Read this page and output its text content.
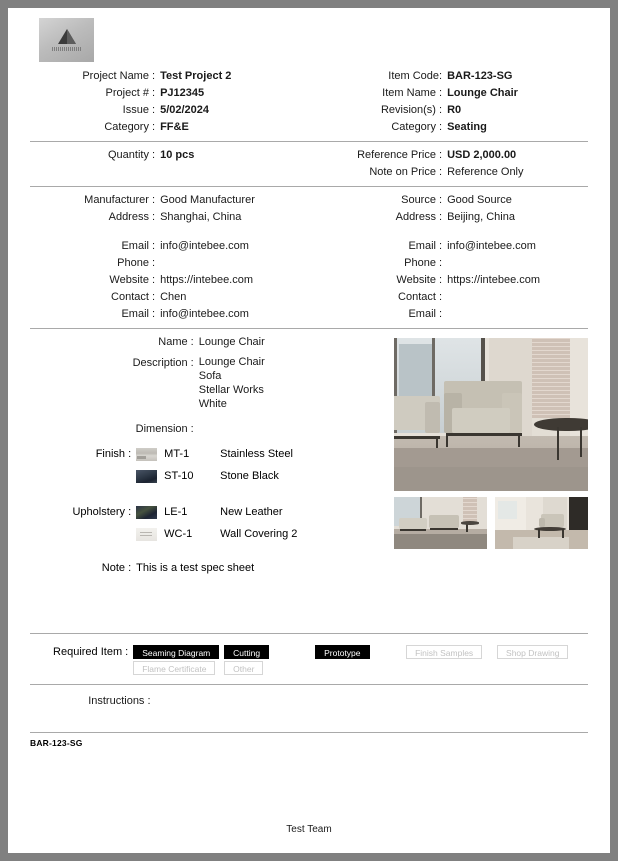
Project Name : Test Project 2
Project # : PJ12345
Issue : 5/02/2024
Category : FF&E
Item Code: BAR-123-SG
Item Name : Lounge Chair
Revision(s) : R0
Category : Seating
Quantity : 10 pcs	Reference Price : USD 2,000.00
Note on Price : Reference Only
Manufacturer : Good Manufacturer
Address : Shanghai, China
Email : info@intebee.com
Phone :
Website : https://intebee.com
Contact : Chen
Email : info@intebee.com
Source : Good Source
Address : Beijing, China
Email : info@intebee.com
Phone :
Website : https://intebee.com
Contact :
Email :
Name : Lounge Chair
Description : Lounge Chair
Sofa
Stellar Works
White
Dimension :
Finish :	MT-1	Stainless Steel
ST-10	Stone Black
Upholstery :	LE-1	New Leather
WC-1	Wall Covering 2
Note : This is a test spec sheet
Required Item :	Seaming Diagram	Cutting	Prototype	Finish Samples	Shop Drawing
Flame Certificate	Other
Instructions :
BAR-123-SG
Test Team
